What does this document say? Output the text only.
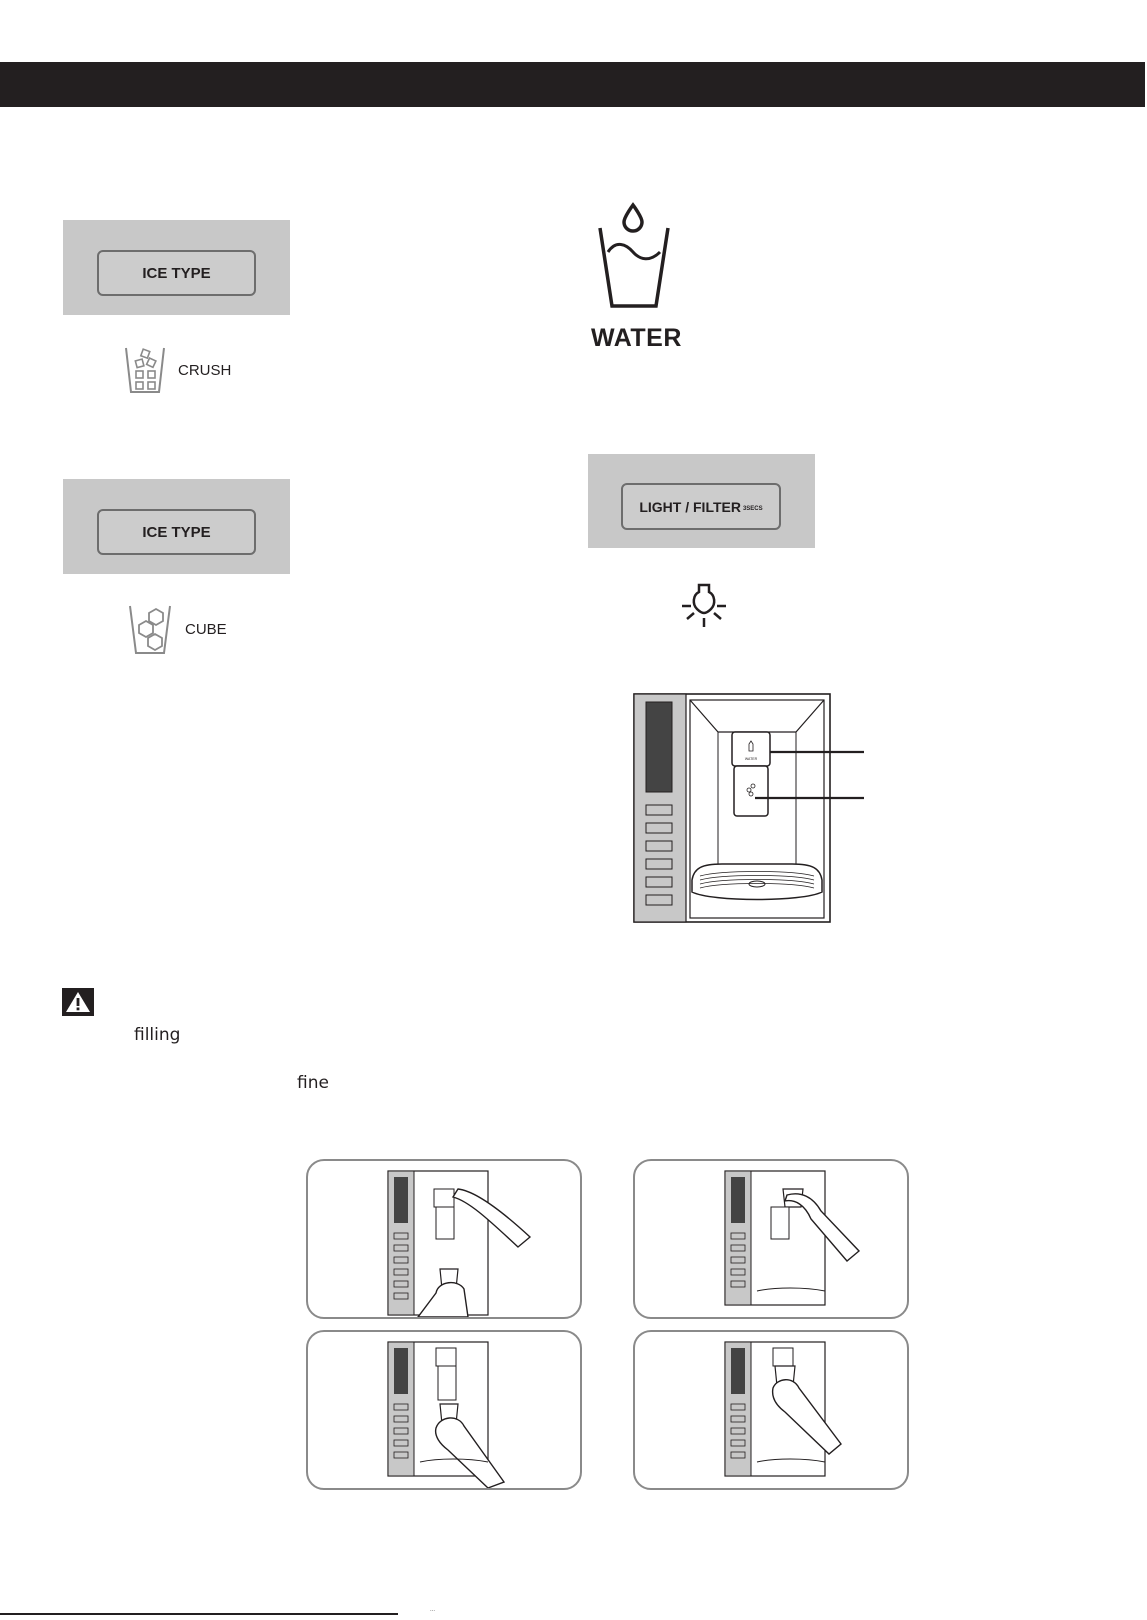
ICE TYPE
CRUSH
ICE TYPE
CUBE
WATER
LIGHT / FILTER 3SECS
WATER
filling
fine
...
